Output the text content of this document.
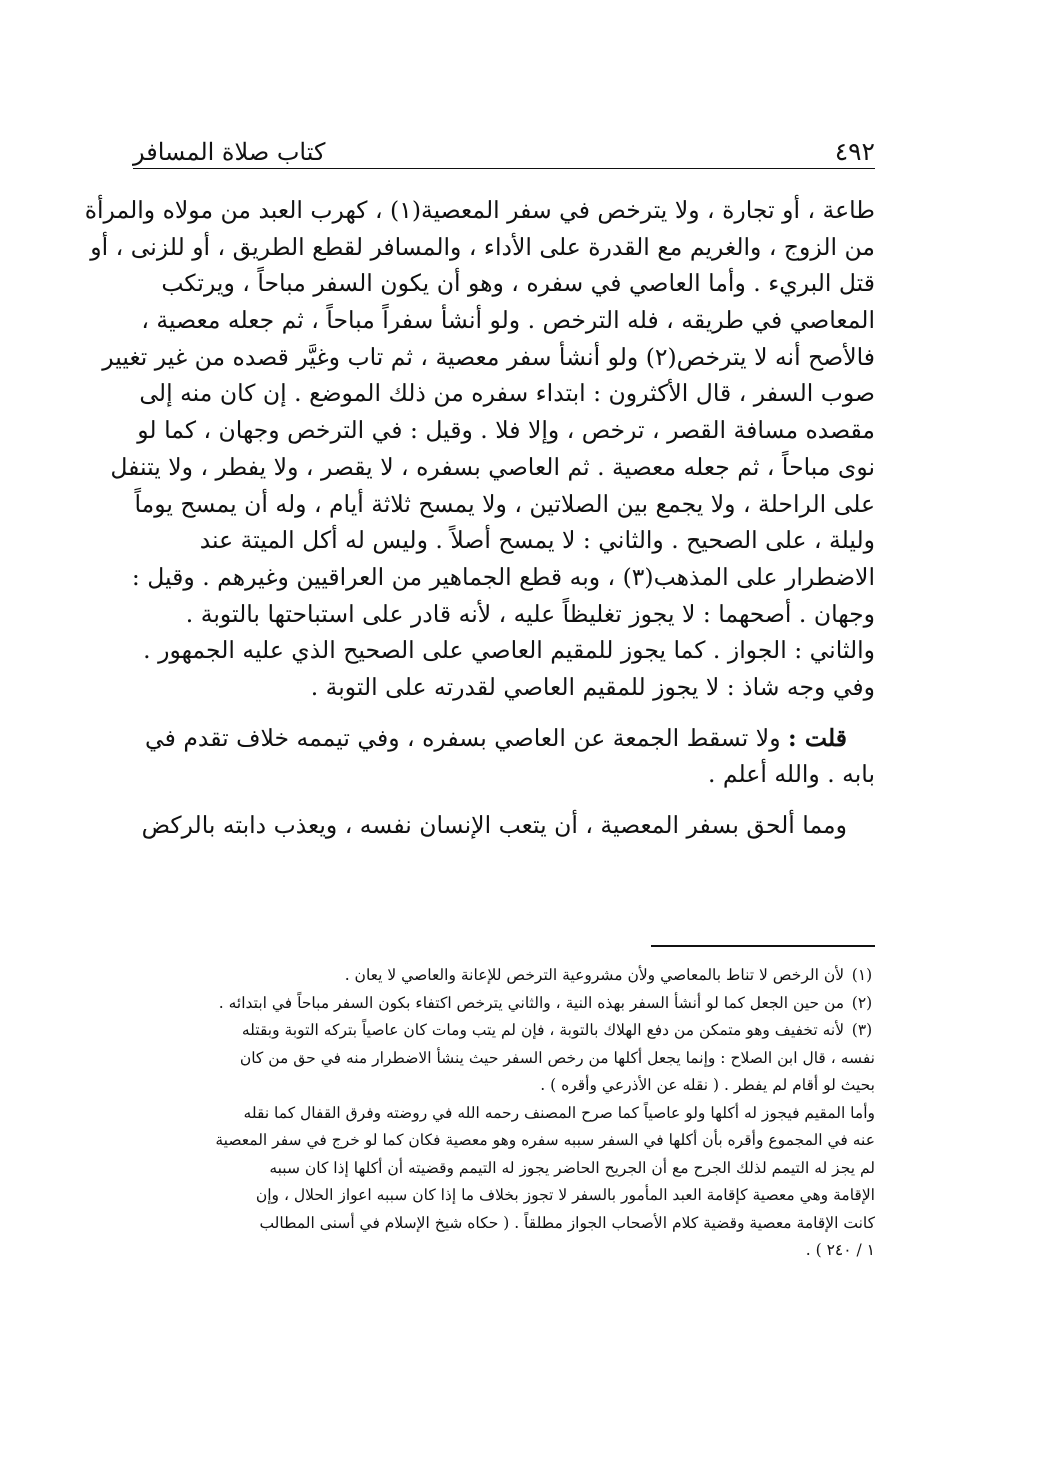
كتاب صلاة المسافر	٤٩٢
طاعة ، أو تجارة ، ولا يترخص في سفر المعصية(١) ، كهرب العبد من مولاه والمرأة
من الزوج ، والغريم مع القدرة على الأداء ، والمسافر لقطع الطريق ، أو للزنى ، أو
قتل البريء . وأما العاصي في سفره ، وهو أن يكون السفر مباحاً ، ويرتكب
المعاصي في طريقه ، فله الترخص . ولو أنشأ سفراً مباحاً ، ثم جعله معصية ،
فالأصح أنه لا يترخص(٢) ولو أنشأ سفر معصية ، ثم تاب وغيَّر قصده من غير تغيير
صوب السفر ، قال الأكثرون : ابتداء سفره من ذلك الموضع . إن كان منه إلى
مقصده مسافة القصر ، ترخص ، وإلا فلا . وقيل : في الترخص وجهان ، كما لو
نوى مباحاً ، ثم جعله معصية . ثم العاصي بسفره ، لا يقصر ، ولا يفطر ، ولا يتنفل
على الراحلة ، ولا يجمع بين الصلاتين ، ولا يمسح ثلاثة أيام ، وله أن يمسح يوماً
وليلة ، على الصحيح . والثاني : لا يمسح أصلاً . وليس له أكل الميتة عند
الاضطرار على المذهب(٣) ، وبه قطع الجماهير من العراقيين وغيرهم . وقيل :
وجهان . أصحهما : لا يجوز تغليظاً عليه ، لأنه قادر على استباحتها بالتوبة .
والثاني : الجواز . كما يجوز للمقيم العاصي على الصحيح الذي عليه الجمهور .
وفي وجه شاذ : لا يجوز للمقيم العاصي لقدرته على التوبة .
قلت : ولا تسقط الجمعة عن العاصي بسفره ، وفي تيممه خلاف تقدم في
بابه . والله أعلم .
ومما ألحق بسفر المعصية ، أن يتعب الإنسان نفسه ، ويعذب دابته بالركض
(١) لأن الرخص لا تناط بالمعاصي ولأن مشروعية الترخص للإعانة والعاصي لا يعان .
(٢) من حين الجعل كما لو أنشأ السفر بهذه النية ، والثاني يترخص اكتفاء بكون السفر مباحاً في ابتدائه .
(٣) لأنه تخفيف وهو متمكن من دفع الهلاك بالتوبة ، فإن لم يتب ومات كان عاصياً بتركه التوبة وبقتله
نفسه ، قال ابن الصلاح : وإنما يجعل أكلها من رخص السفر حيث ينشأ الاضطرار منه في حق من كان
بحيث لو أقام لم يفطر . ( نقله عن الأذرعي وأقره ) .
وأما المقيم فيجوز له أكلها ولو عاصياً كما صرح المصنف رحمه الله في روضته وفرق القفال كما نقله
عنه في المجموع وأقره بأن أكلها في السفر سببه سفره وهو معصية فكان كما لو خرج في سفر المعصية
لم يجز له التيمم لذلك الجرح مع أن الجريح الحاضر يجوز له التيمم وقضيته أن أكلها إذا كان سببه
الإقامة وهي معصية كإقامة العبد المأمور بالسفر لا تجوز بخلاف ما إذا كان سببه اعواز الحلال ، وإن
كانت الإقامة معصية وقضية كلام الأصحاب الجواز مطلقاً . ( حكاه شيخ الإسلام في أسنى المطالب
١ / ٢٤٠ ) .
